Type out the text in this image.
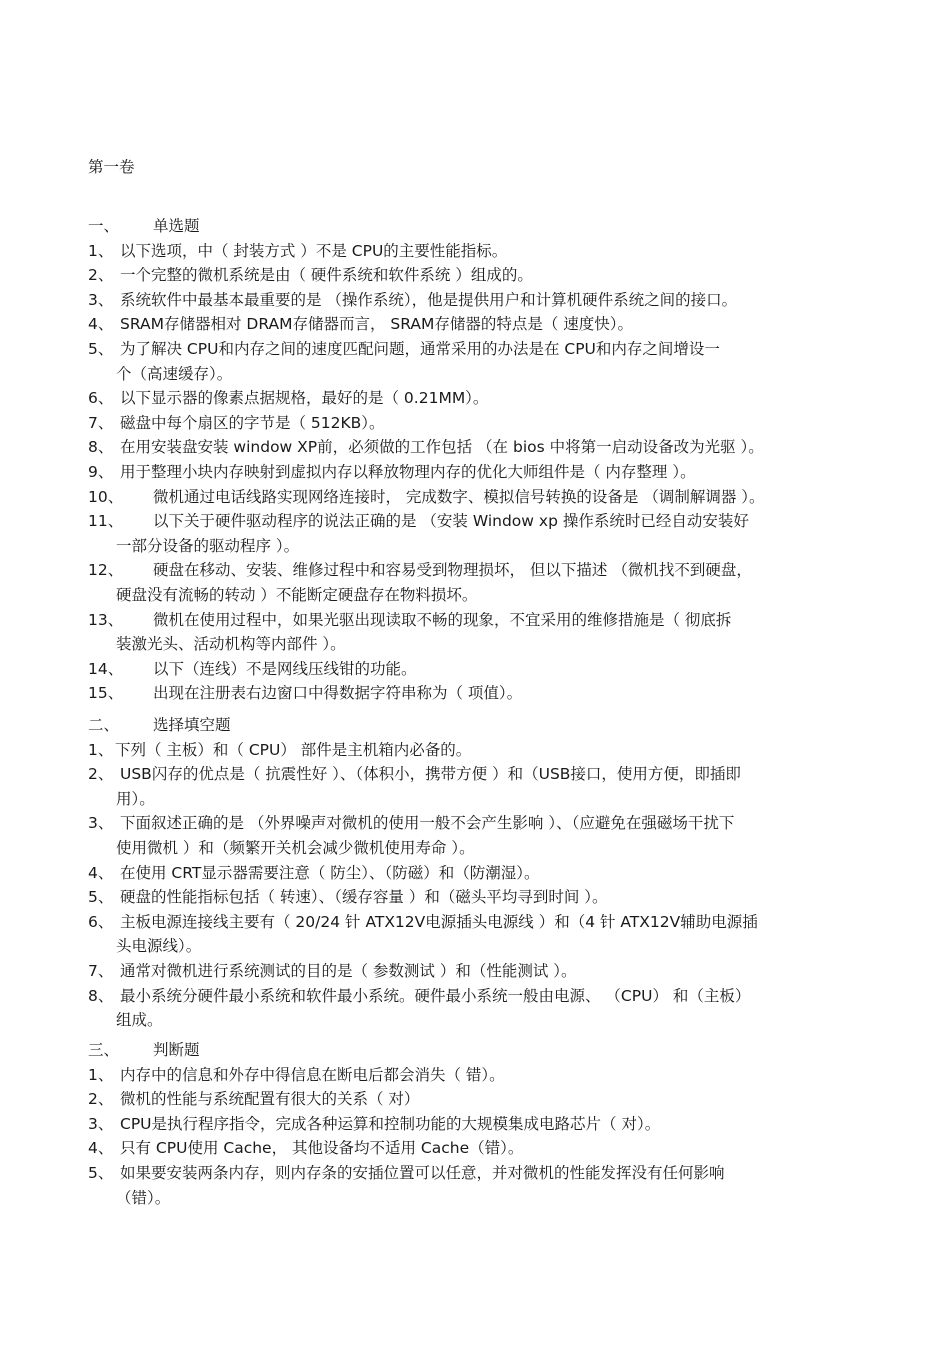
第一卷
一、 单选题
1、 以下选项，中（ 封装方式 ）不是 CPU的主要性能指标。
2、 一个完整的微机系统是由（ 硬件系统和软件系统 ）组成的。
3、 系统软件中最基本最重要的是 （操作系统），他是提供用户和计算机硬件系统之间的接口。
4、 SRAM存储器相对 DRAM存储器而言， SRAM存储器的特点是（ 速度快）。
5、 为了解决 CPU和内存之间的速度匹配问题，通常采用的办法是在 CPU和内存之间增设一
个（高速缓存）。
6、 以下显示器的像素点据规格，最好的是（ 0.21MM）。
7、 磁盘中每个扇区的字节是（ 512KB）。
8、 在用安装盘安装 window XP前，必须做的工作包括 （在 bios 中将第一启动设备改为光驱 ）。
9、 用于整理小块内存映射到虚拟内存以释放物理内存的优化大师组件是（ 内存整理 ）。
10、 微机通过电话线路实现网络连接时， 完成数字、模拟信号转换的设备是 （调制解调器 ）。
11、 以下关于硬件驱动程序的说法正确的是 （安装 Window xp 操作系统时已经自动安装好
一部分设备的驱动程序 ）。
12、 硬盘在移动、安装、维修过程中和容易受到物理损坏， 但以下描述 （微机找不到硬盘，
硬盘没有流畅的转动 ）不能断定硬盘存在物料损坏。
13、 微机在使用过程中，如果光驱出现读取不畅的现象，不宜采用的维修措施是（ 彻底拆
装激光头、活动机构等内部件 ）。
14、 以下（连线）不是网线压线钳的功能。
15、 出现在注册表右边窗口中得数据字符串称为（ 项值）。
二、 选择填空题
1、 下列（ 主板）和（ CPU） 部件是主机箱内必备的。
2、 USB闪存的优点是（ 抗震性好 ）、（体积小，携带方便 ）和（USB接口，使用方便，即插即
用）。
3、 下面叙述正确的是 （外界噪声对微机的使用一般不会产生影响 ）、（应避免在强磁场干扰下
使用微机 ）和（频繁开关机会减少微机使用寿命 ）。
4、 在使用 CRT显示器需要注意（ 防尘）、（防磁）和（防潮湿）。
5、 硬盘的性能指标包括（ 转速）、（缓存容量 ）和（磁头平均寻到时间 ）。
6、 主板电源连接线主要有（ 20/24 针 ATX12V电源插头电源线 ）和（4 针 ATX12V辅助电源插
头电源线）。
7、 通常对微机进行系统测试的目的是（ 参数测试 ）和（性能测试 ）。
8、 最小系统分硬件最小系统和软件最小系统。硬件最小系统一般由电源、 （CPU） 和（主板）
组成。
三、 判断题
1、 内存中的信息和外存中得信息在断电后都会消失（ 错）。
2、 微机的性能与系统配置有很大的关系（ 对）
3、 CPU是执行程序指令，完成各种运算和控制功能的大规模集成电路芯片（ 对）。
4、 只有 CPU使用 Cache， 其他设备均不适用 Cache（错）。
5、 如果要安装两条内存，则内存条的安插位置可以任意，并对微机的性能发挥没有任何影响
（错）。
